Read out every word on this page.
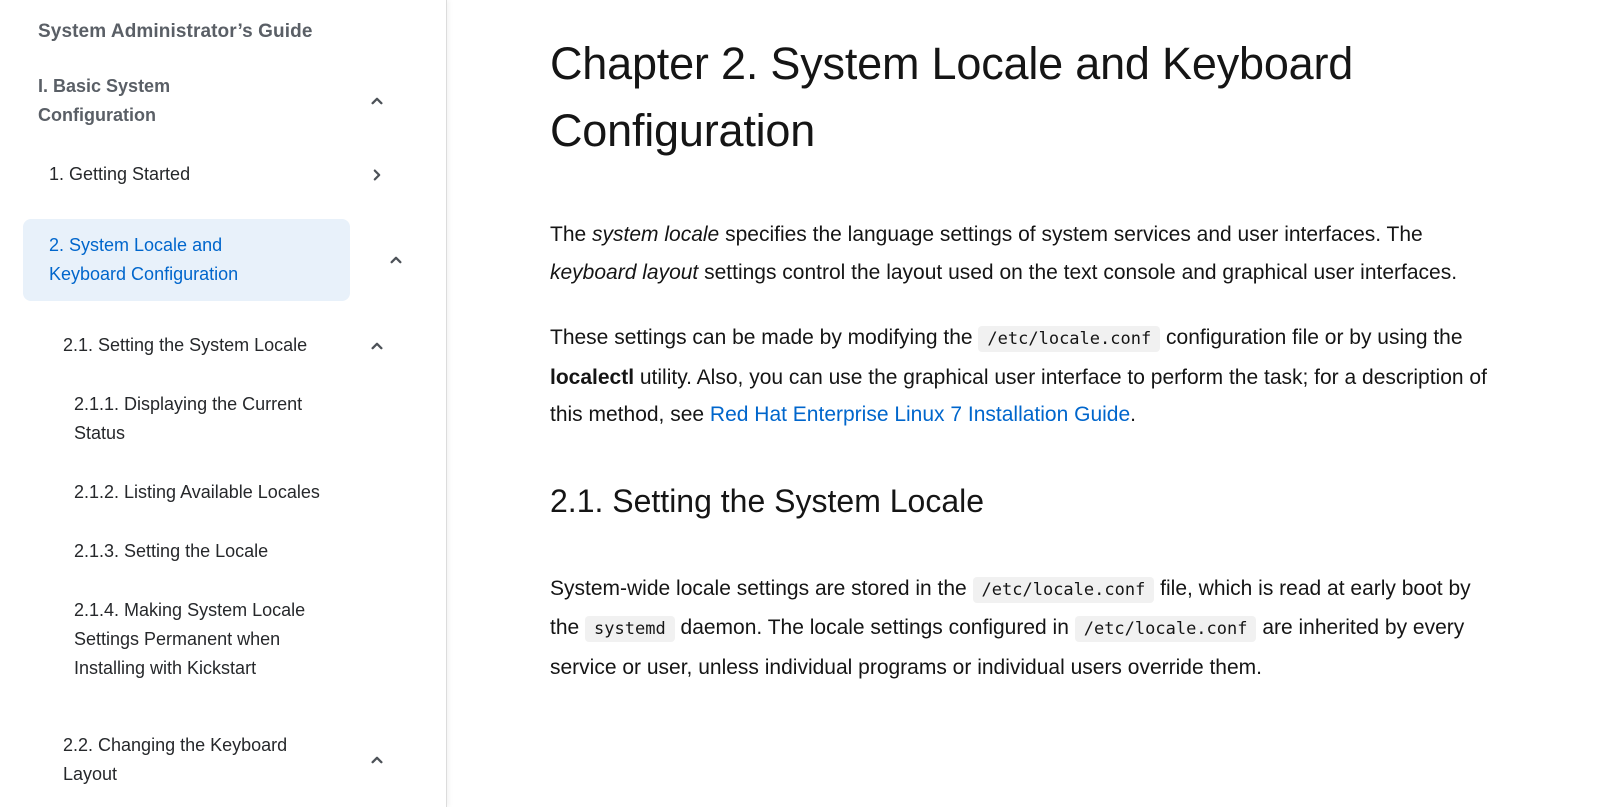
System Administrator’s Guide
I. Basic System Configuration
1. Getting Started
2. System Locale and Keyboard Configuration
2.1. Setting the System Locale
2.1.1. Displaying the Current Status
2.1.2. Listing Available Locales
2.1.3. Setting the Locale
2.1.4. Making System Locale Settings Permanent when Installing with Kickstart
2.2. Changing the Keyboard Layout
Chapter 2. System Locale and Keyboard Configuration

The system locale specifies the language settings of system services and user interfaces. The keyboard layout settings control the layout used on the text console and graphical user interfaces.

These settings can be made by modifying the /etc/locale.conf configuration file or by using the localectl utility. Also, you can use the graphical user interface to perform the task; for a description of this method, see Red Hat Enterprise Linux 7 Installation Guide.

2.1. Setting the System Locale

System-wide locale settings are stored in the /etc/locale.conf file, which is read at early boot by the systemd daemon. The locale settings configured in /etc/locale.conf are inherited by every service or user, unless individual programs or individual users override them.
